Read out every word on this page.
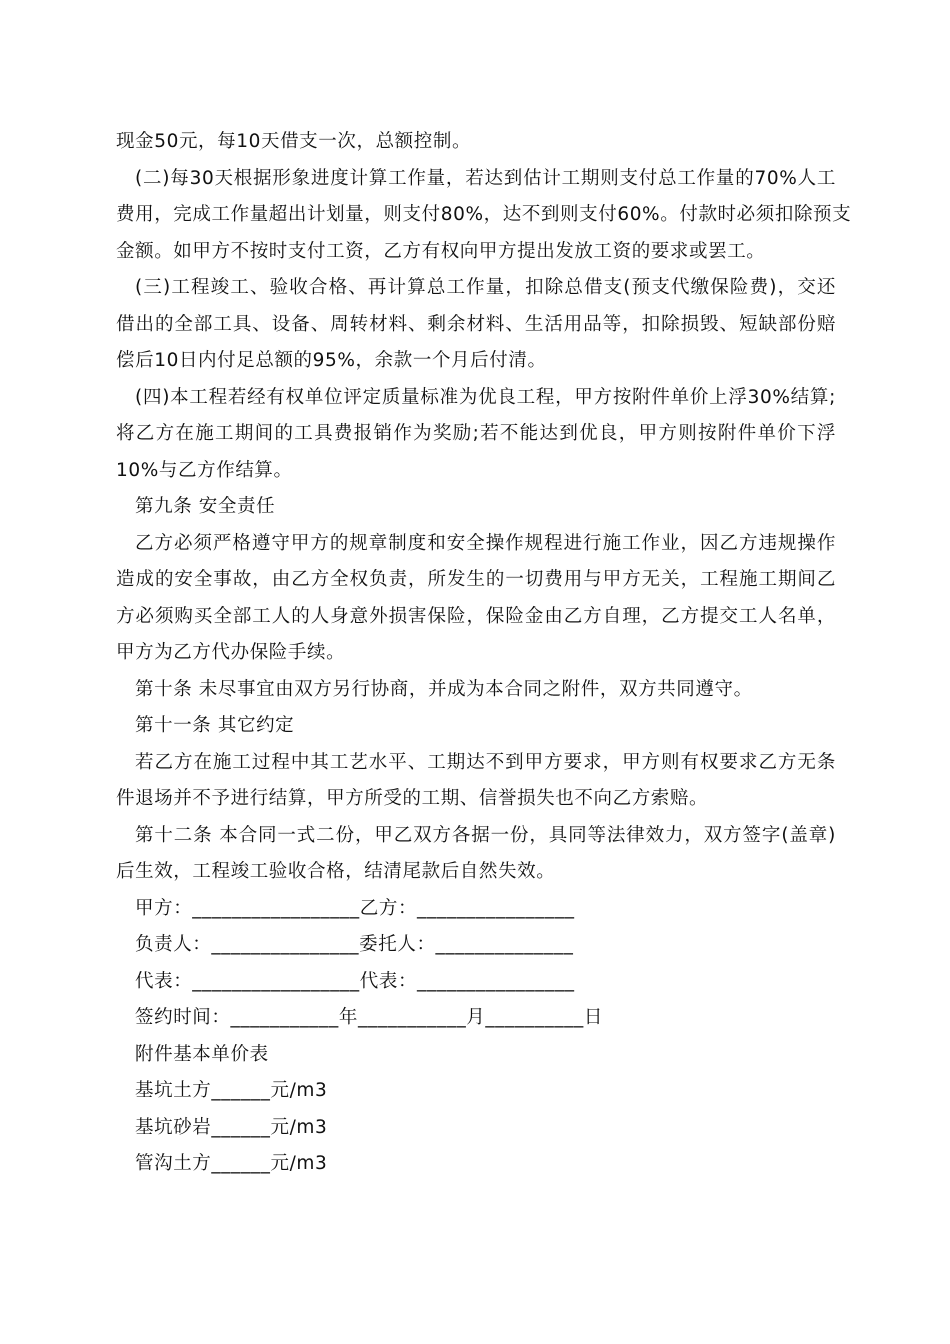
现金50元，每10天借支一次，总额控制。
(二)每30天根据形象进度计算工作量，若达到估计工期则支付总工作量的70%人工
费用，完成工作量超出计划量，则支付80%，达不到则支付60%。付款时必须扣除预支
金额。如甲方不按时支付工资，乙方有权向甲方提出发放工资的要求或罢工。
(三)工程竣工、验收合格、再计算总工作量，扣除总借支(预支代缴保险费)，交还
借出的全部工具、设备、周转材料、剩余材料、生活用品等，扣除损毁、短缺部份赔
偿后10日内付足总额的95%，余款一个月后付清。
(四)本工程若经有权单位评定质量标准为优良工程，甲方按附件单价上浮30%结算;
将乙方在施工期间的工具费报销作为奖励;若不能达到优良，甲方则按附件单价下浮
10%与乙方作结算。
第九条 安全责任
乙方必须严格遵守甲方的规章制度和安全操作规程进行施工作业，因乙方违规操作
造成的安全事故，由乙方全权负责，所发生的一切费用与甲方无关，工程施工期间乙
方必须购买全部工人的人身意外损害保险，保险金由乙方自理，乙方提交工人名单，
甲方为乙方代办保险手续。
第十条 未尽事宜由双方另行协商，并成为本合同之附件，双方共同遵守。
第十一条 其它约定
若乙方在施工过程中其工艺水平、工期达不到甲方要求，甲方则有权要求乙方无条
件退场并不予进行结算，甲方所受的工期、信誉损失也不向乙方索赔。
第十二条 本合同一式二份，甲乙双方各据一份，具同等法律效力，双方签字(盖章)
后生效，工程竣工验收合格，结清尾款后自然失效。
甲方：_________________乙方：________________
负责人：_______________委托人：______________
代表：_________________代表：________________
签约时间：___________年___________月__________日
附件基本单价表
基坑土方______元/m3
基坑砂岩______元/m3
管沟土方______元/m3
